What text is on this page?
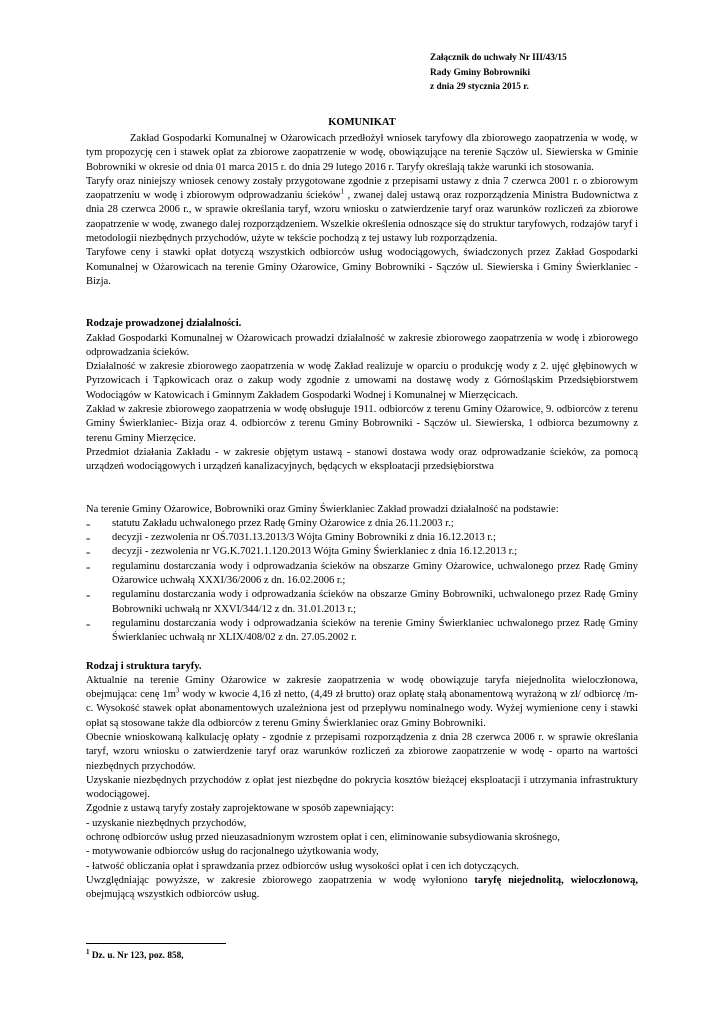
Załącznik do uchwały Nr III/43/15
Rady Gminy Bobrowniki
z dnia 29 stycznia 2015 r.
KOMUNIKAT

Zakład Gospodarki Komunalnej w Ożarowicach przedłożył wniosek taryfowy dla zbiorowego zaopatrzenia w wodę, w tym propozycję cen i stawek opłat za zbiorowe zaopatrzenie w wodę, obowiązujące na terenie Sączów ul. Siewierska w Gminie Bobrowniki w okresie od dnia 01 marca 2015 r. do dnia 29 lutego 2016 r. Taryfy określają także warunki ich stosowania.

Taryfy oraz niniejszy wniosek cenowy zostały przygotowane zgodnie z przepisami ustawy z dnia 7 czerwca 2001 r. o zbiorowym zaopatrzeniu w wodę i zbiorowym odprowadzaniu ścieków$^1$ , zwanej dalej ustawą oraz rozporządzenia Ministra Budownictwa z dnia 28 czerwca 2006 r., w sprawie określania taryf, wzoru wniosku o zatwierdzenie taryf oraz warunków rozliczeń za zbiorowe zaopatrzenie w wodę, zwanego dalej rozporządzeniem. Wszelkie określenia odnoszące się do struktur taryfowych, rodzajów taryf i metodologii niezbędnych przychodów, użyte w tekście pochodzą z tej ustawy lub rozporządzenia.

Taryfowe ceny i stawki opłat dotyczą wszystkich odbiorców usług wodociągowych, świadczonych przez Zakład Gospodarki Komunalnej w Ożarowicach na terenie Gminy Ożarowice, Gminy Bobrowniki - Sączów ul. Siewierska i Gminy Świerklaniec - Bizja.

Rodzaje prowadzonej działalności.

Zakład Gospodarki Komunalnej w Ożarowicach prowadzi działalność w zakresie zbiorowego zaopatrzenia w wodę i zbiorowego odprowadzania ścieków.

Działalność w zakresie zbiorowego zaopatrzenia w wodę Zakład realizuje w oparciu o produkcję wody z 2. ujęć głębinowych w Pyrzowicach i Tąpkowicach oraz o zakup wody zgodnie z umowami na dostawę wody z Górnośląskim Przedsiębiorstwem Wodociągów w Katowicach i Gminnym Zakładem Gospodarki Wodnej i Komunalnej w Mierzęcicach.

Zakład w zakresie zbiorowego zaopatrzenia w wodę obsługuje 1911. odbiorców z terenu Gminy Ożarowice, 9. odbiorców z terenu Gminy Świerklaniec- Bizja oraz 4. odbiorców z terenu Gminy Bobrowniki - Sączów ul. Siewierska, 1 odbiorca bezumowny z terenu Gminy Mierzęcice.

Przedmiot działania Zakładu - w zakresie objętym ustawą - stanowi dostawa wody oraz odprowadzanie ścieków, za pomocą urządzeń wodociągowych i urządzeń kanalizacyjnych, będących w eksploatacji przedsiębiorstwa

Na terenie Gminy Ożarowice, Bobrowniki oraz Gminy Świerklaniec Zakład prowadzi działalność na podstawie:

-	statutu Zakładu uchwalonego przez Radę Gminy Ożarowice z dnia 26.11.2003 r.;
-	decyzji - zezwolenia nr OŚ.7031.13.2013/3 Wójta Gminy Bobrowniki z dnia 16.12.2013 r.;
-	decyzji - zezwolenia nr VG.K.7021.1.120.2013 Wójta Gminy Świerklaniec z dnia 16.12.2013 r.;
-	regulaminu dostarczania wody i odprowadzania ścieków na obszarze Gminy Ożarowice, uchwalonego przez Radę Gminy Ożarowice uchwałą XXXI/36/2006 z dn. 16.02.2006 r.;
-	regulaminu dostarczania wody i odprowadzania ścieków na obszarze Gminy Bobrowniki, uchwalonego przez Radę Gminy Bobrowniki uchwałą nr XXVI/344/12 z dn. 31.01.2013 r.;
-	regulaminu dostarczania wody i odprowadzania ścieków na terenie Gminy Świerklaniec uchwalonego przez Radę Gminy Świerklaniec uchwałą nr XLIX/408/02 z dn. 27.05.2002 r.

Rodzaj i struktura taryfy.

Aktualnie na terenie Gminy Ożarowice w zakresie zaopatrzenia w wodę obowiązuje taryfa niejednolita wieloczłonowa, obejmująca: cenę $1m^3$ wody w kwocie 4,16 zł netto, (4,49 zł brutto) oraz opłatę stałą abonamentową wyrażoną w zł/ odbiorcę /m-c. Wysokość stawek opłat abonamentowych uzależniona jest od przepływu nominalnego wody. Wyżej wymienione ceny i stawki opłat są stosowane także dla odbiorców z terenu Gminy Świerklaniec oraz Gminy Bobrowniki.

Obecnie wnioskowaną kalkulację opłaty - zgodnie z przepisami rozporządzenia z dnia 28 czerwca 2006 r. w sprawie określania taryf, wzoru wniosku o zatwierdzenie taryf oraz warunków rozliczeń za zbiorowe zaopatrzenie w wodę - oparto na wartości niezbędnych przychodów.

Uzyskanie niezbędnych przychodów z opłat jest niezbędne do pokrycia kosztów bieżącej eksploatacji i utrzymania infrastruktury wodociągowej.

Zgodnie z ustawą taryfy zostały zaprojektowane w sposób zapewniający:

- uzyskanie niezbędnych przychodów,

ochronę odbiorców usług przed nieuzasadnionym wzrostem opłat i cen, eliminowanie subsydiowania skrośnego,

- motywowanie odbiorców usług do racjonalnego użytkowania wody,

- łatwość obliczania opłat i sprawdzania przez odbiorców usług wysokości opłat i cen ich dotyczących.

Uwzględniając powyższe, w zakresie zbiorowego zaopatrzenia w wodę wyłoniono taryfę niejednolitą, wieloczłonową, obejmującą wszystkich odbiorców usług.

$^1$ Dz. u. Nr 123, poz. 858,
